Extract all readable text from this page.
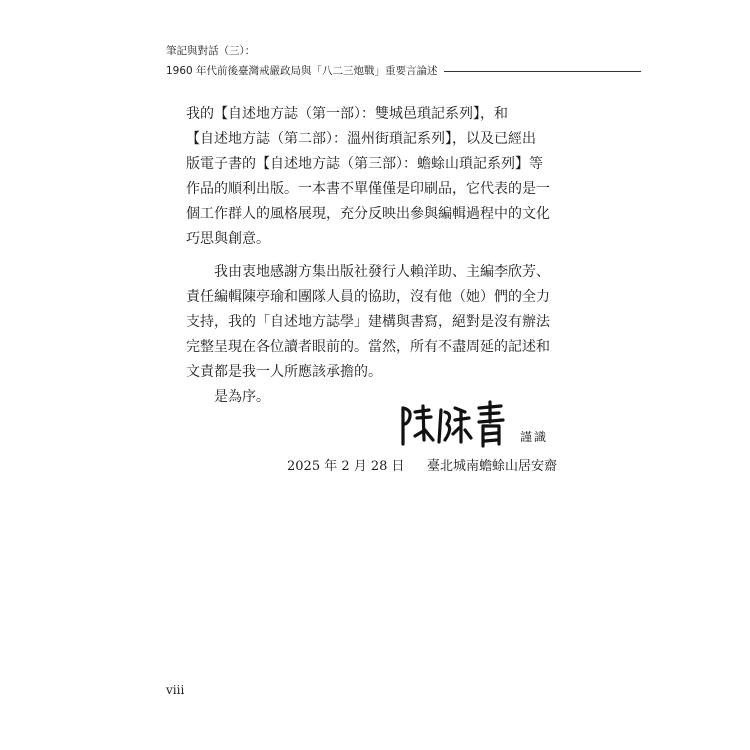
筆記與對話（三）：
1960 年代前後臺灣戒嚴政局與「八二三炮戰」重要言論述
我的【自述地方誌（第一部）：雙城邑瑣記系列】，和
【自述地方誌（第二部）：溫州街瑣記系列】，以及已經出
版電子書的【自述地方誌（第三部）：蟾蜍山瑣記系列】等
作品的順利出版。一本書不單僅僅是印刷品，它代表的是一
個工作群人的風格展現，充分反映出參與編輯過程中的文化
巧思與創意。
我由衷地感謝方集出版社發行人賴洋助、主編李欣芳、
責任編輯陳亭瑜和團隊人員的協助，沒有他（她）們的全力
支持，我的「自述地方誌學」建構與書寫，絕對是沒有辦法
完整呈現在各位讀者眼前的。當然，所有不盡周延的記述和
文責都是我一人所應該承擔的。
是為序。
謹識
2025 年 2 月 28 日 臺北城南蟾蜍山居安齋
viii
